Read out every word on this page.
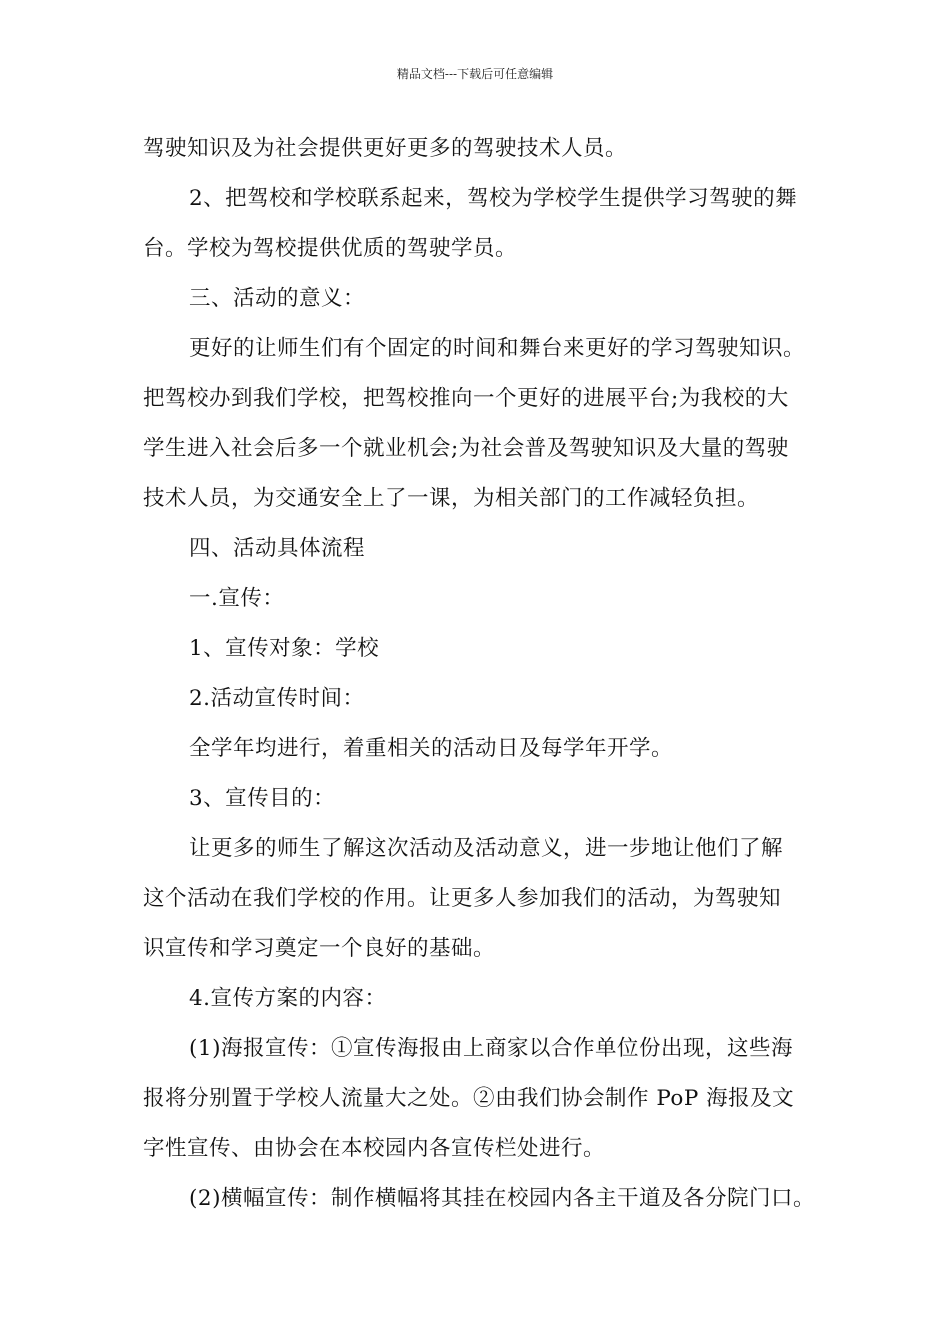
精品文档---下载后可任意编辑
驾驶知识及为社会提供更好更多的驾驶技术人员。
2、把驾校和学校联系起来，驾校为学校学生提供学习驾驶的舞
台。学校为驾校提供优质的驾驶学员。
三、活动的意义：
更好的让师生们有个固定的时间和舞台来更好的学习驾驶知识。
把驾校办到我们学校，把驾校推向一个更好的进展平台;为我校的大
学生进入社会后多一个就业机会;为社会普及驾驶知识及大量的驾驶
技术人员，为交通安全上了一课，为相关部门的工作减轻负担。
四、活动具体流程
一.宣传：
1、宣传对象：学校
2.活动宣传时间：
全学年均进行，着重相关的活动日及每学年开学。
3、宣传目的：
让更多的师生了解这次活动及活动意义，进一步地让他们了解
这个活动在我们学校的作用。让更多人参加我们的活动，为驾驶知
识宣传和学习奠定一个良好的基础。
4.宣传方案的内容：
(1)海报宣传：①宣传海报由上商家以合作单位份出现，这些海
报将分别置于学校人流量大之处。②由我们协会制作 PoP 海报及文
字性宣传、由协会在本校园内各宣传栏处进行。
(2)横幅宣传：制作横幅将其挂在校园内各主干道及各分院门口。
